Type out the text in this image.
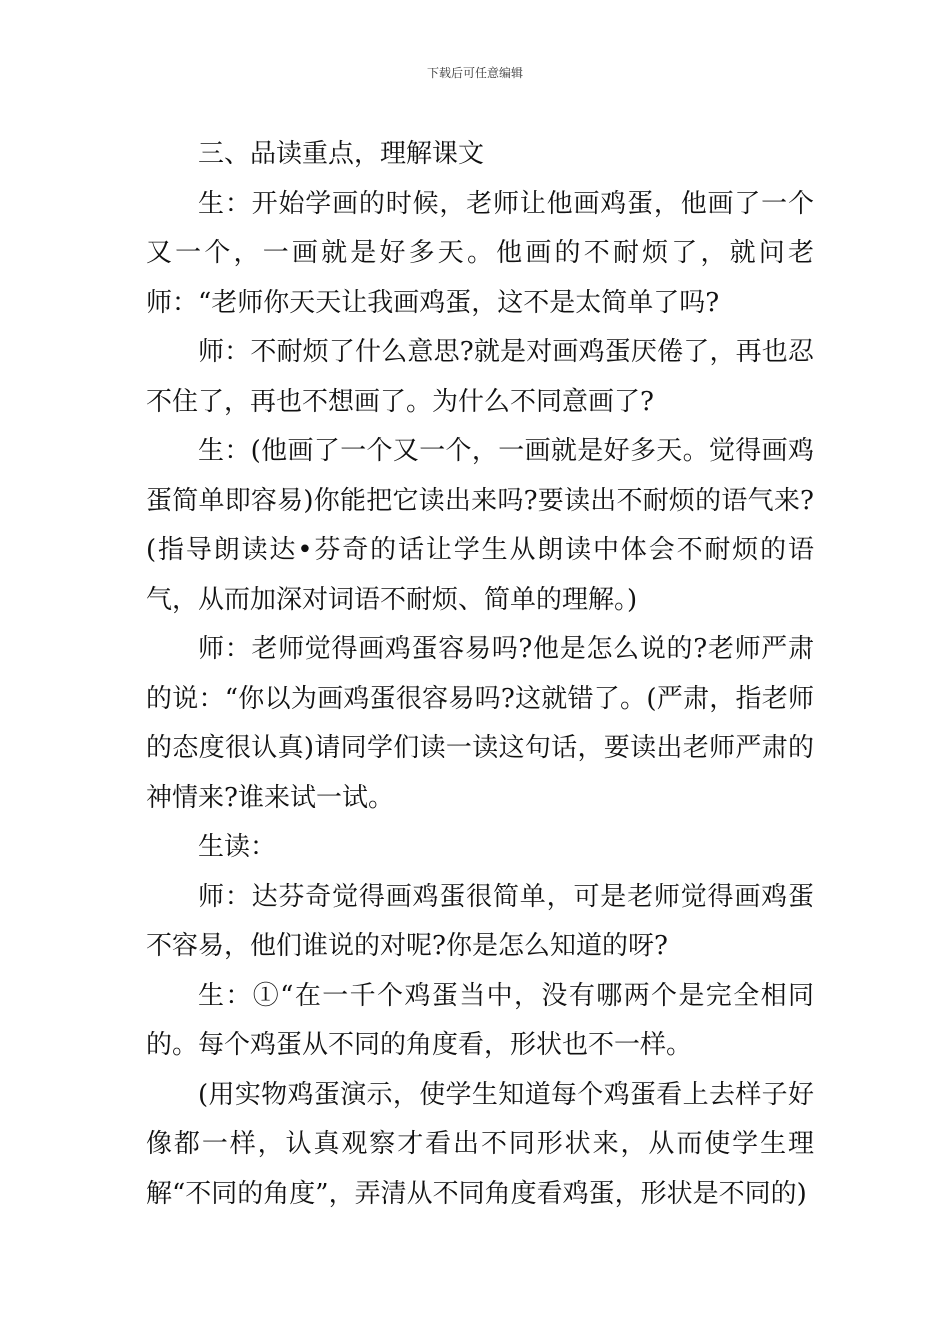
下载后可任意编辑

三、品读重点，理解课文

生：开始学画的时候，老师让他画鸡蛋，他画了一个又一个，一画就是好多天。他画的不耐烦了，就问老师：“老师你天天让我画鸡蛋，这不是太简单了吗?

师：不耐烦了什么意思?就是对画鸡蛋厌倦了，再也忍不住了，再也不想画了。为什么不同意画了?

生：(他画了一个又一个，一画就是好多天。觉得画鸡蛋简单即容易)你能把它读出来吗?要读出不耐烦的语气来?(指导朗读达•芬奇的话让学生从朗读中体会不耐烦的语气，从而加深对词语不耐烦、简单的理解。)

师：老师觉得画鸡蛋容易吗?他是怎么说的?老师严肃的说：“你以为画鸡蛋很容易吗?这就错了。(严肃，指老师的态度很认真)请同学们读一读这句话，要读出老师严肃的神情来?谁来试一试。

生读：

师：达芬奇觉得画鸡蛋很简单，可是老师觉得画鸡蛋不容易，他们谁说的对呢?你是怎么知道的呀?

生：①“在一千个鸡蛋当中，没有哪两个是完全相同的。每个鸡蛋从不同的角度看，形状也不一样。

(用实物鸡蛋演示，使学生知道每个鸡蛋看上去样子好像都一样，认真观察才看出不同形状来，从而使学生理解“不同的角度”，弄清从不同角度看鸡蛋，形状是不同的)
